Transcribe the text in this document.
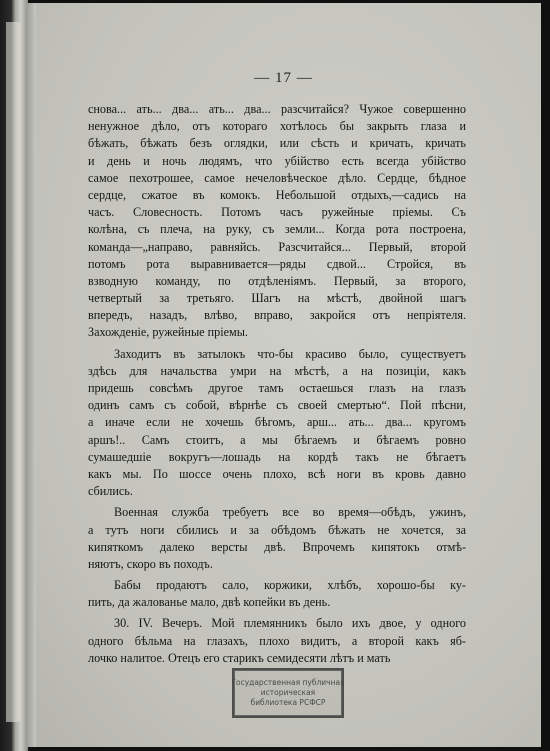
— 17 —
снова... ать... два... ать... два... разсчитайся? Чужое совершенно
ненужное дѣло, отъ котораго хотѣлось бы закрыть глаза и
бѣжать, бѣжать безъ оглядки, или сѣсть и кричать, кричать
и день и ночь людямъ, что убійство есть всегда убійство
самое пехотрошее, самое нечеловѣческое дѣло. Сердце, бѣдное
сердце, сжатое въ комокъ. Небольшой отдыхъ,—садись на
часъ. Словесность. Потомъ часъ ружейные пріемы. Съ
колѣна, съ плеча, на руку, съ земли... Когда рота построена,
команда—„направо, равняйсь. Разсчитайся... Первый, второй
потомъ рота выравнивается—ряды сдвой... Стройся, въ
взводную команду, по отдѣленіямъ. Первый, за второго,
четвертый за третьяго. Шагъ на мѣстѣ, двойной шагъ
впередъ, назадъ, влѣво, вправо, закройся отъ непріятеля.
Захожденіе, ружейные пріемы.
Заходитъ въ затылокъ что-бы красиво было, существуетъ
здѣсь для начальства умри на мѣстѣ, а на позиціи, какъ
придешь совсѣмъ другое тамъ остаешься глазъ на глазъ
одинъ самъ съ собой, вѣрнѣе съ своей смертью“. Пой пѣсни,
а иначе если не хочешь бѣгомъ, арш... ать... два... кругомъ
аршъ!.. Самъ стоитъ, а мы бѣгаемъ и бѣгаемъ ровно
сумашедшiе вокругъ—лошадь на кордѣ такъ не бѣгаетъ
какъ мы. По шоссе очень плохо, всѣ ноги въ кровь давно
сбились.
Военная служба требуетъ все во время—обѣдъ, ужинъ,
а тутъ ноги сбились и за обѣдомъ бѣжать не хочется, за
кипяткомъ далеко версты двѣ. Впрочемъ кипятокъ отмѣ-
няютъ, скоро въ походъ.
Бабы продаютъ сало, коржики, хлѣбъ, хорошо-бы ку-
пить, да жалованье мало, двѣ копейки въ день.
30. IV. Вечеръ. Мой племянникъ было ихъ двое, у одного
одного бѣльма на глазахъ, плохо видитъ, а второй какъ яб-
лочко налитое. Отецъ его старикъ семидесяти лѣтъ и мать
Государственная публичная
историческая
библиотека РСФСР
